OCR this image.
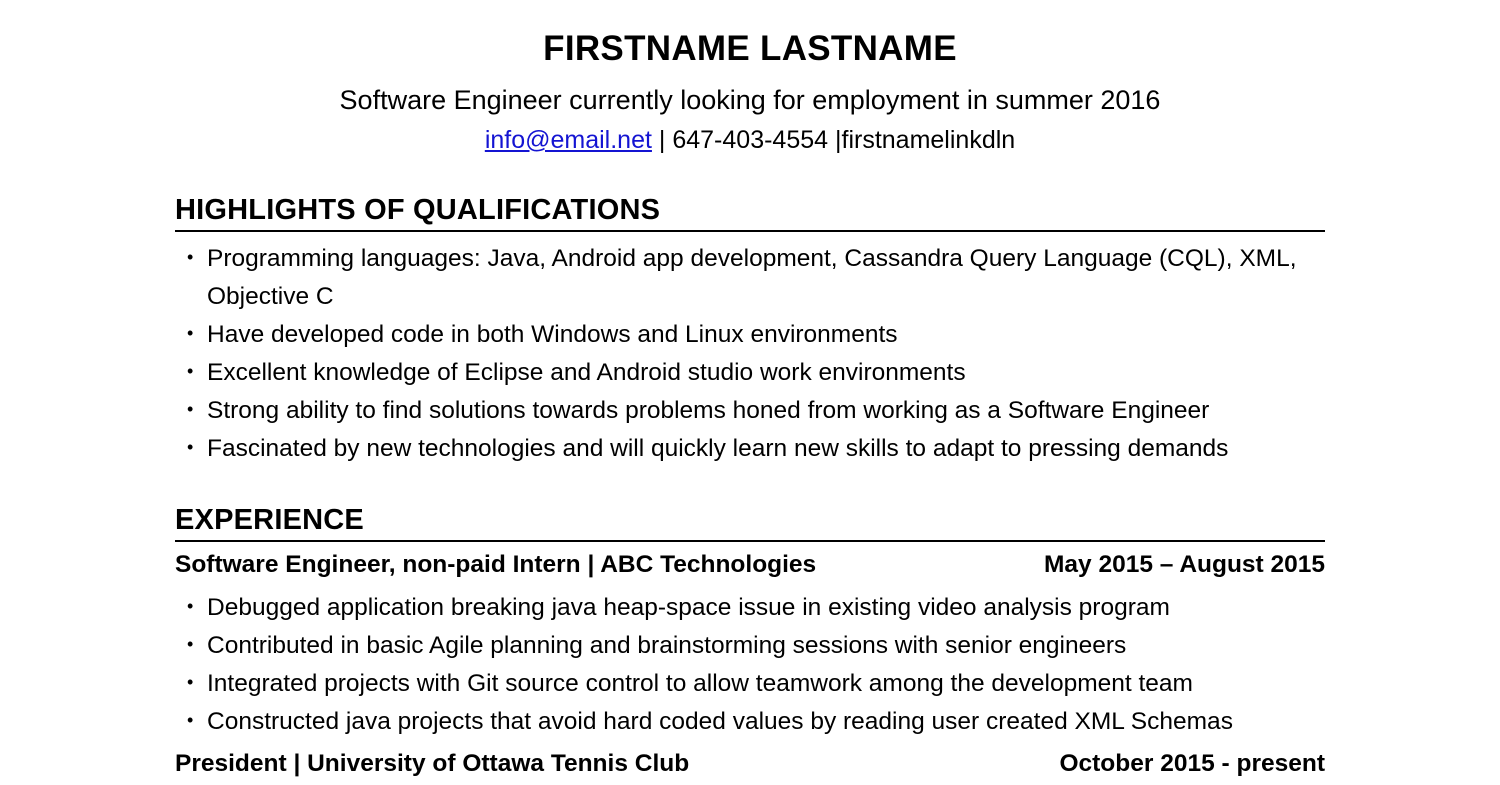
FIRSTNAME LASTNAME
Software Engineer currently looking for employment in summer 2016
info@email.net | 647-403-4554 |firstnamelinkdln
HIGHLIGHTS OF QUALIFICATIONS
• Programming languages: Java, Android app development, Cassandra Query Language (CQL), XML, Objective C
• Have developed code in both Windows and Linux environments
• Excellent knowledge of Eclipse and Android studio work environments
• Strong ability to find solutions towards problems honed from working as a Software Engineer
• Fascinated by new technologies and will quickly learn new skills to adapt to pressing demands
EXPERIENCE
Software Engineer, non-paid Intern | ABC Technologies	May 2015 – August 2015
• Debugged application breaking java heap-space issue in existing video analysis program
• Contributed in basic Agile planning and brainstorming sessions with senior engineers
• Integrated projects with Git source control to allow teamwork among the development team
• Constructed java projects that avoid hard coded values by reading user created XML Schemas
President | University of Ottawa Tennis Club	October 2015 - present
